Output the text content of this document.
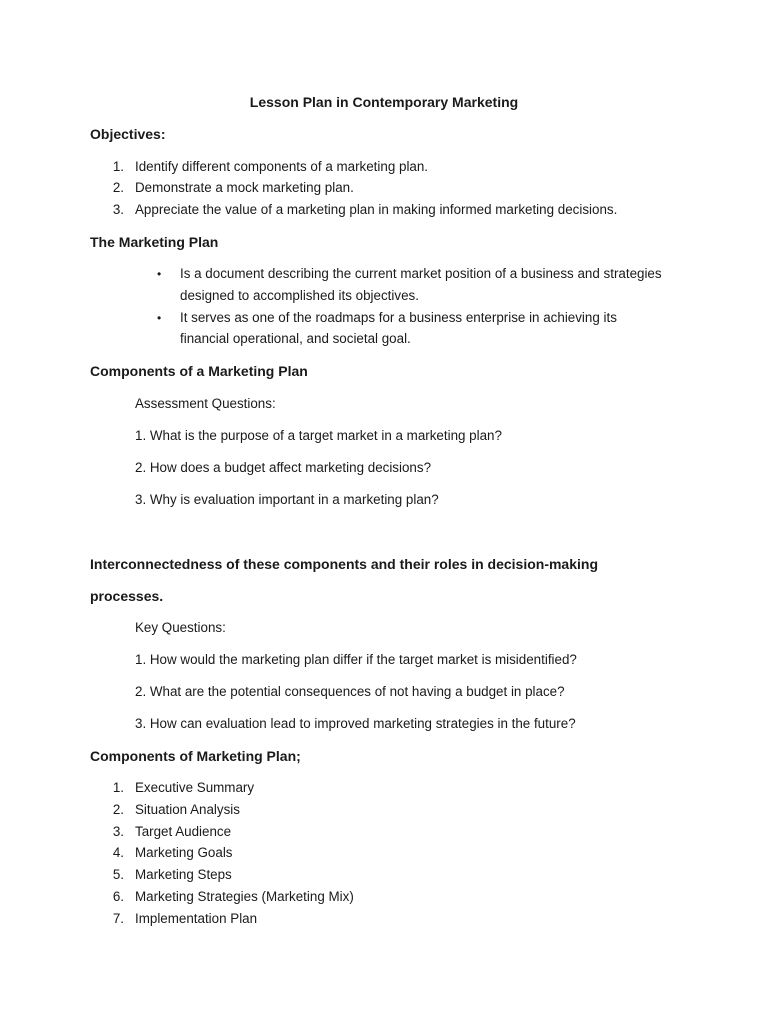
Lesson Plan in Contemporary Marketing
Objectives:
1. Identify different components of a marketing plan.
2. Demonstrate a mock marketing plan.
3. Appreciate the value of a marketing plan in making informed marketing decisions.
The Marketing Plan
• Is a document describing the current market position of a business and strategies
designed to accomplished its objectives.
• It serves as one of the roadmaps for a business enterprise in achieving its
financial operational, and societal goal.
Components of a Marketing Plan
Assessment Questions:
1. What is the purpose of a target market in a marketing plan?
2. How does a budget affect marketing decisions?
3. Why is evaluation important in a marketing plan?
Interconnectedness of these components and their roles in decision-making
processes.
Key Questions:
1. How would the marketing plan differ if the target market is misidentified?
2. What are the potential consequences of not having a budget in place?
3. How can evaluation lead to improved marketing strategies in the future?
Components of Marketing Plan;
1. Executive Summary
2. Situation Analysis
3. Target Audience
4. Marketing Goals
5. Marketing Steps
6. Marketing Strategies (Marketing Mix)
7. Implementation Plan
